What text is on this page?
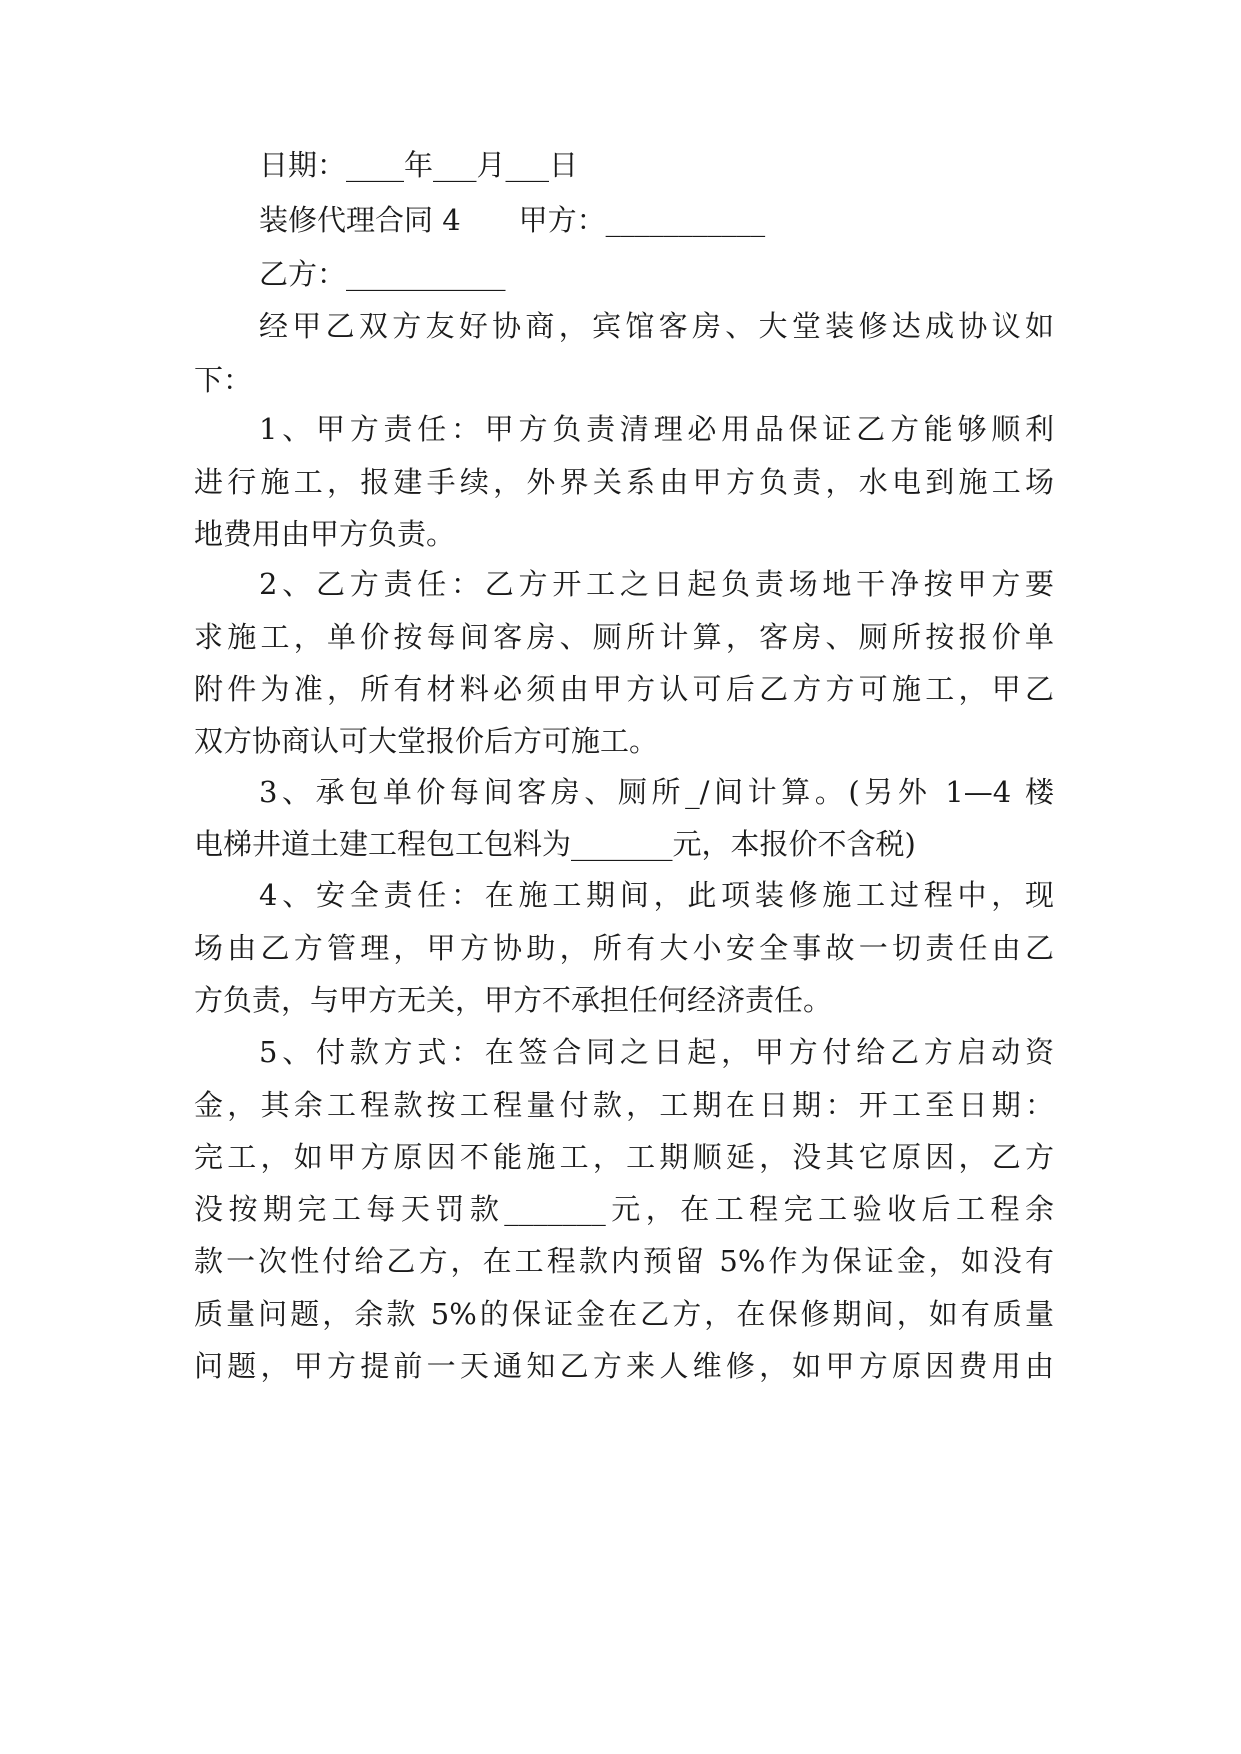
日期：____年___月___日
装修代理合同 4　　甲方：___________
乙方：___________
经甲乙双方友好协商，宾馆客房、大堂装修达成协议如
下：
1、甲方责任：甲方负责清理必用品保证乙方能够顺利
进行施工，报建手续，外界关系由甲方负责，水电到施工场
地费用由甲方负责。
2、乙方责任：乙方开工之日起负责场地干净按甲方要
求施工，单价按每间客房、厕所计算，客房、厕所按报价单
附件为准，所有材料必须由甲方认可后乙方方可施工，甲乙
双方协商认可大堂报价后方可施工。
3、承包单价每间客房、厕所_/间计算。(另外 1—4 楼
电梯井道土建工程包工包料为_______元，本报价不含税)
4、安全责任：在施工期间，此项装修施工过程中，现
场由乙方管理，甲方协助，所有大小安全事故一切责任由乙
方负责，与甲方无关，甲方不承担任何经济责任。
5、付款方式：在签合同之日起，甲方付给乙方启动资
金，其余工程款按工程量付款，工期在日期：开工至日期：
完工，如甲方原因不能施工，工期顺延，没其它原因，乙方
没按期完工每天罚款_______元，在工程完工验收后工程余
款一次性付给乙方，在工程款内预留 5%作为保证金，如没有
质量问题，余款 5%的保证金在乙方，在保修期间，如有质量
问题，甲方提前一天通知乙方来人维修，如甲方原因费用由
